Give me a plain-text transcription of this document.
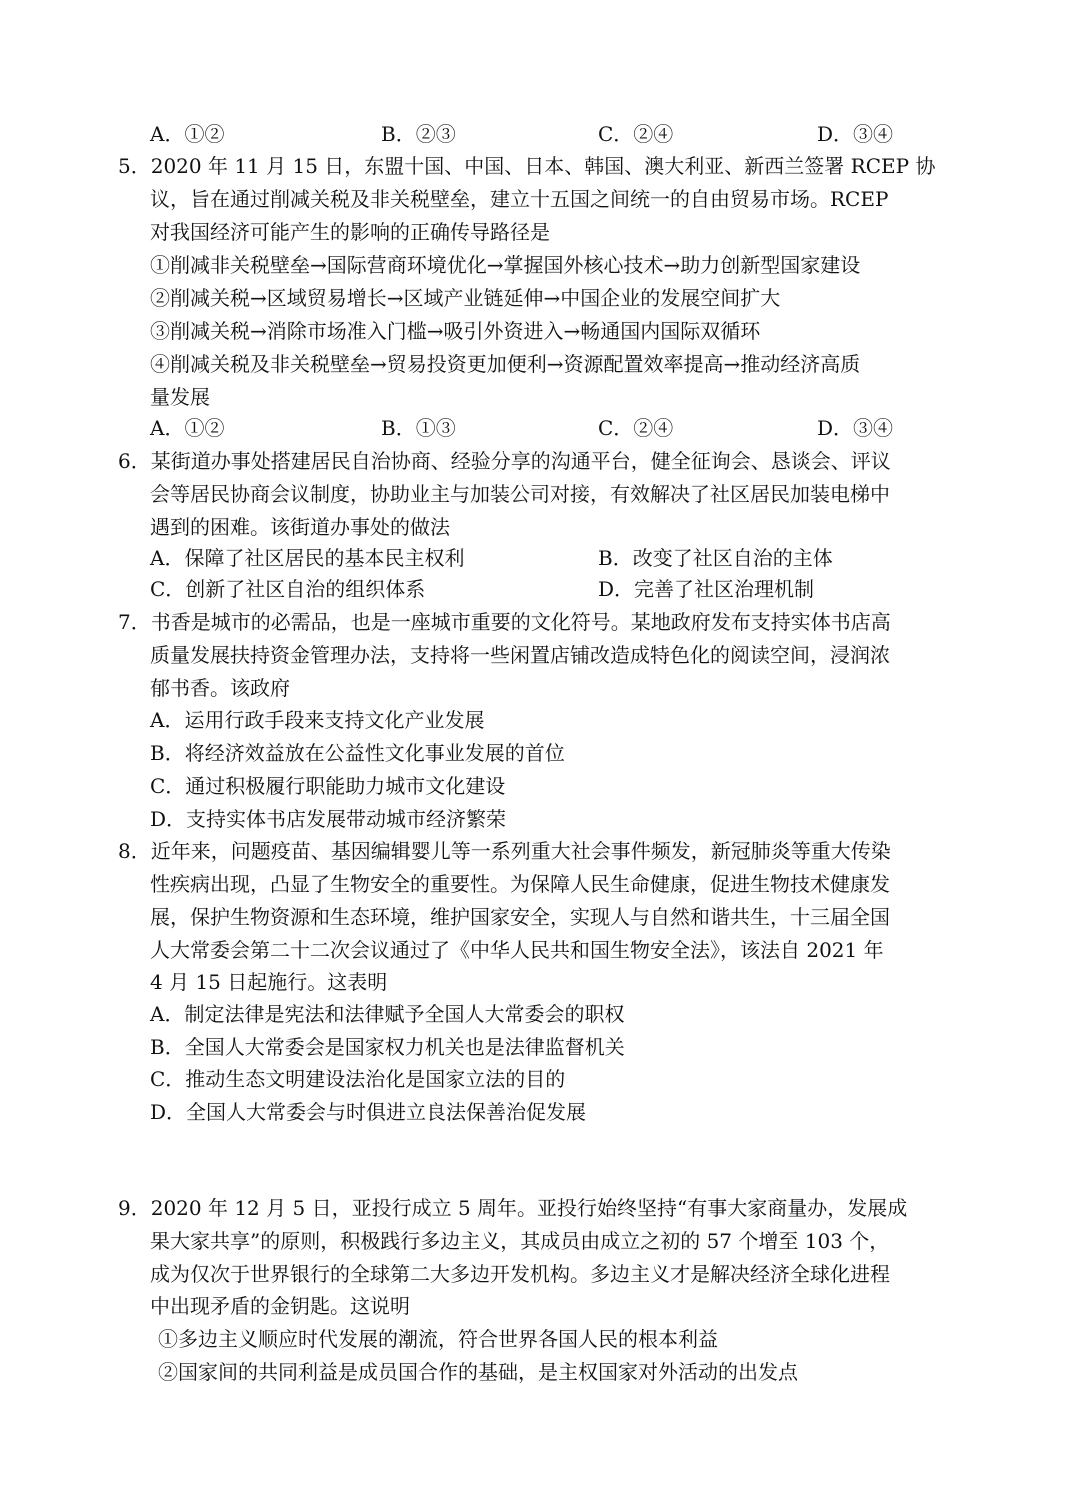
A．①②	B．②③	C．②④	D．③④
5．2020 年 11 月 15 日，东盟十国、中国、日本、韩国、澳大利亚、新西兰签署 RCEP 协
议，旨在通过削减关税及非关税壁垒，建立十五国之间统一的自由贸易市场。RCEP
对我国经济可能产生的影响的正确传导路径是
①削减非关税壁垒→国际营商环境优化→掌握国外核心技术→助力创新型国家建设
②削减关税→区域贸易增长→区域产业链延伸→中国企业的发展空间扩大
③削减关税→消除市场准入门槛→吸引外资进入→畅通国内国际双循环
④削减关税及非关税壁垒→贸易投资更加便利→资源配置效率提高→推动经济高质
量发展
A．①②	B．①③	C．②④	D．③④
6．某街道办事处搭建居民自治协商、经验分享的沟通平台，健全征询会、恳谈会、评议
会等居民协商会议制度，协助业主与加装公司对接，有效解决了社区居民加装电梯中
遇到的困难。该街道办事处的做法
A．保障了社区居民的基本民主权利	B．改变了社区自治的主体
C．创新了社区自治的组织体系	D．完善了社区治理机制
7．书香是城市的必需品，也是一座城市重要的文化符号。某地政府发布支持实体书店高
质量发展扶持资金管理办法，支持将一些闲置店铺改造成特色化的阅读空间，浸润浓
郁书香。该政府
A．运用行政手段来支持文化产业发展
B．将经济效益放在公益性文化事业发展的首位
C．通过积极履行职能助力城市文化建设
D．支持实体书店发展带动城市经济繁荣
8．近年来，问题疫苗、基因编辑婴儿等一系列重大社会事件频发，新冠肺炎等重大传染
性疾病出现，凸显了生物安全的重要性。为保障人民生命健康，促进生物技术健康发
展，保护生物资源和生态环境，维护国家安全，实现人与自然和谐共生，十三届全国
人大常委会第二十二次会议通过了《中华人民共和国生物安全法》，该法自 2021 年
4 月 15 日起施行。这表明
A．制定法律是宪法和法律赋予全国人大常委会的职权
B．全国人大常委会是国家权力机关也是法律监督机关
C．推动生态文明建设法治化是国家立法的目的
D．全国人大常委会与时俱进立良法保善治促发展
9．2020 年 12 月 5 日，亚投行成立 5 周年。亚投行始终坚持“有事大家商量办，发展成
果大家共享”的原则，积极践行多边主义，其成员由成立之初的 57 个增至 103 个，
成为仅次于世界银行的全球第二大多边开发机构。多边主义才是解决经济全球化进程
中出现矛盾的金钥匙。这说明
①多边主义顺应时代发展的潮流，符合世界各国人民的根本利益
②国家间的共同利益是成员国合作的基础，是主权国家对外活动的出发点
